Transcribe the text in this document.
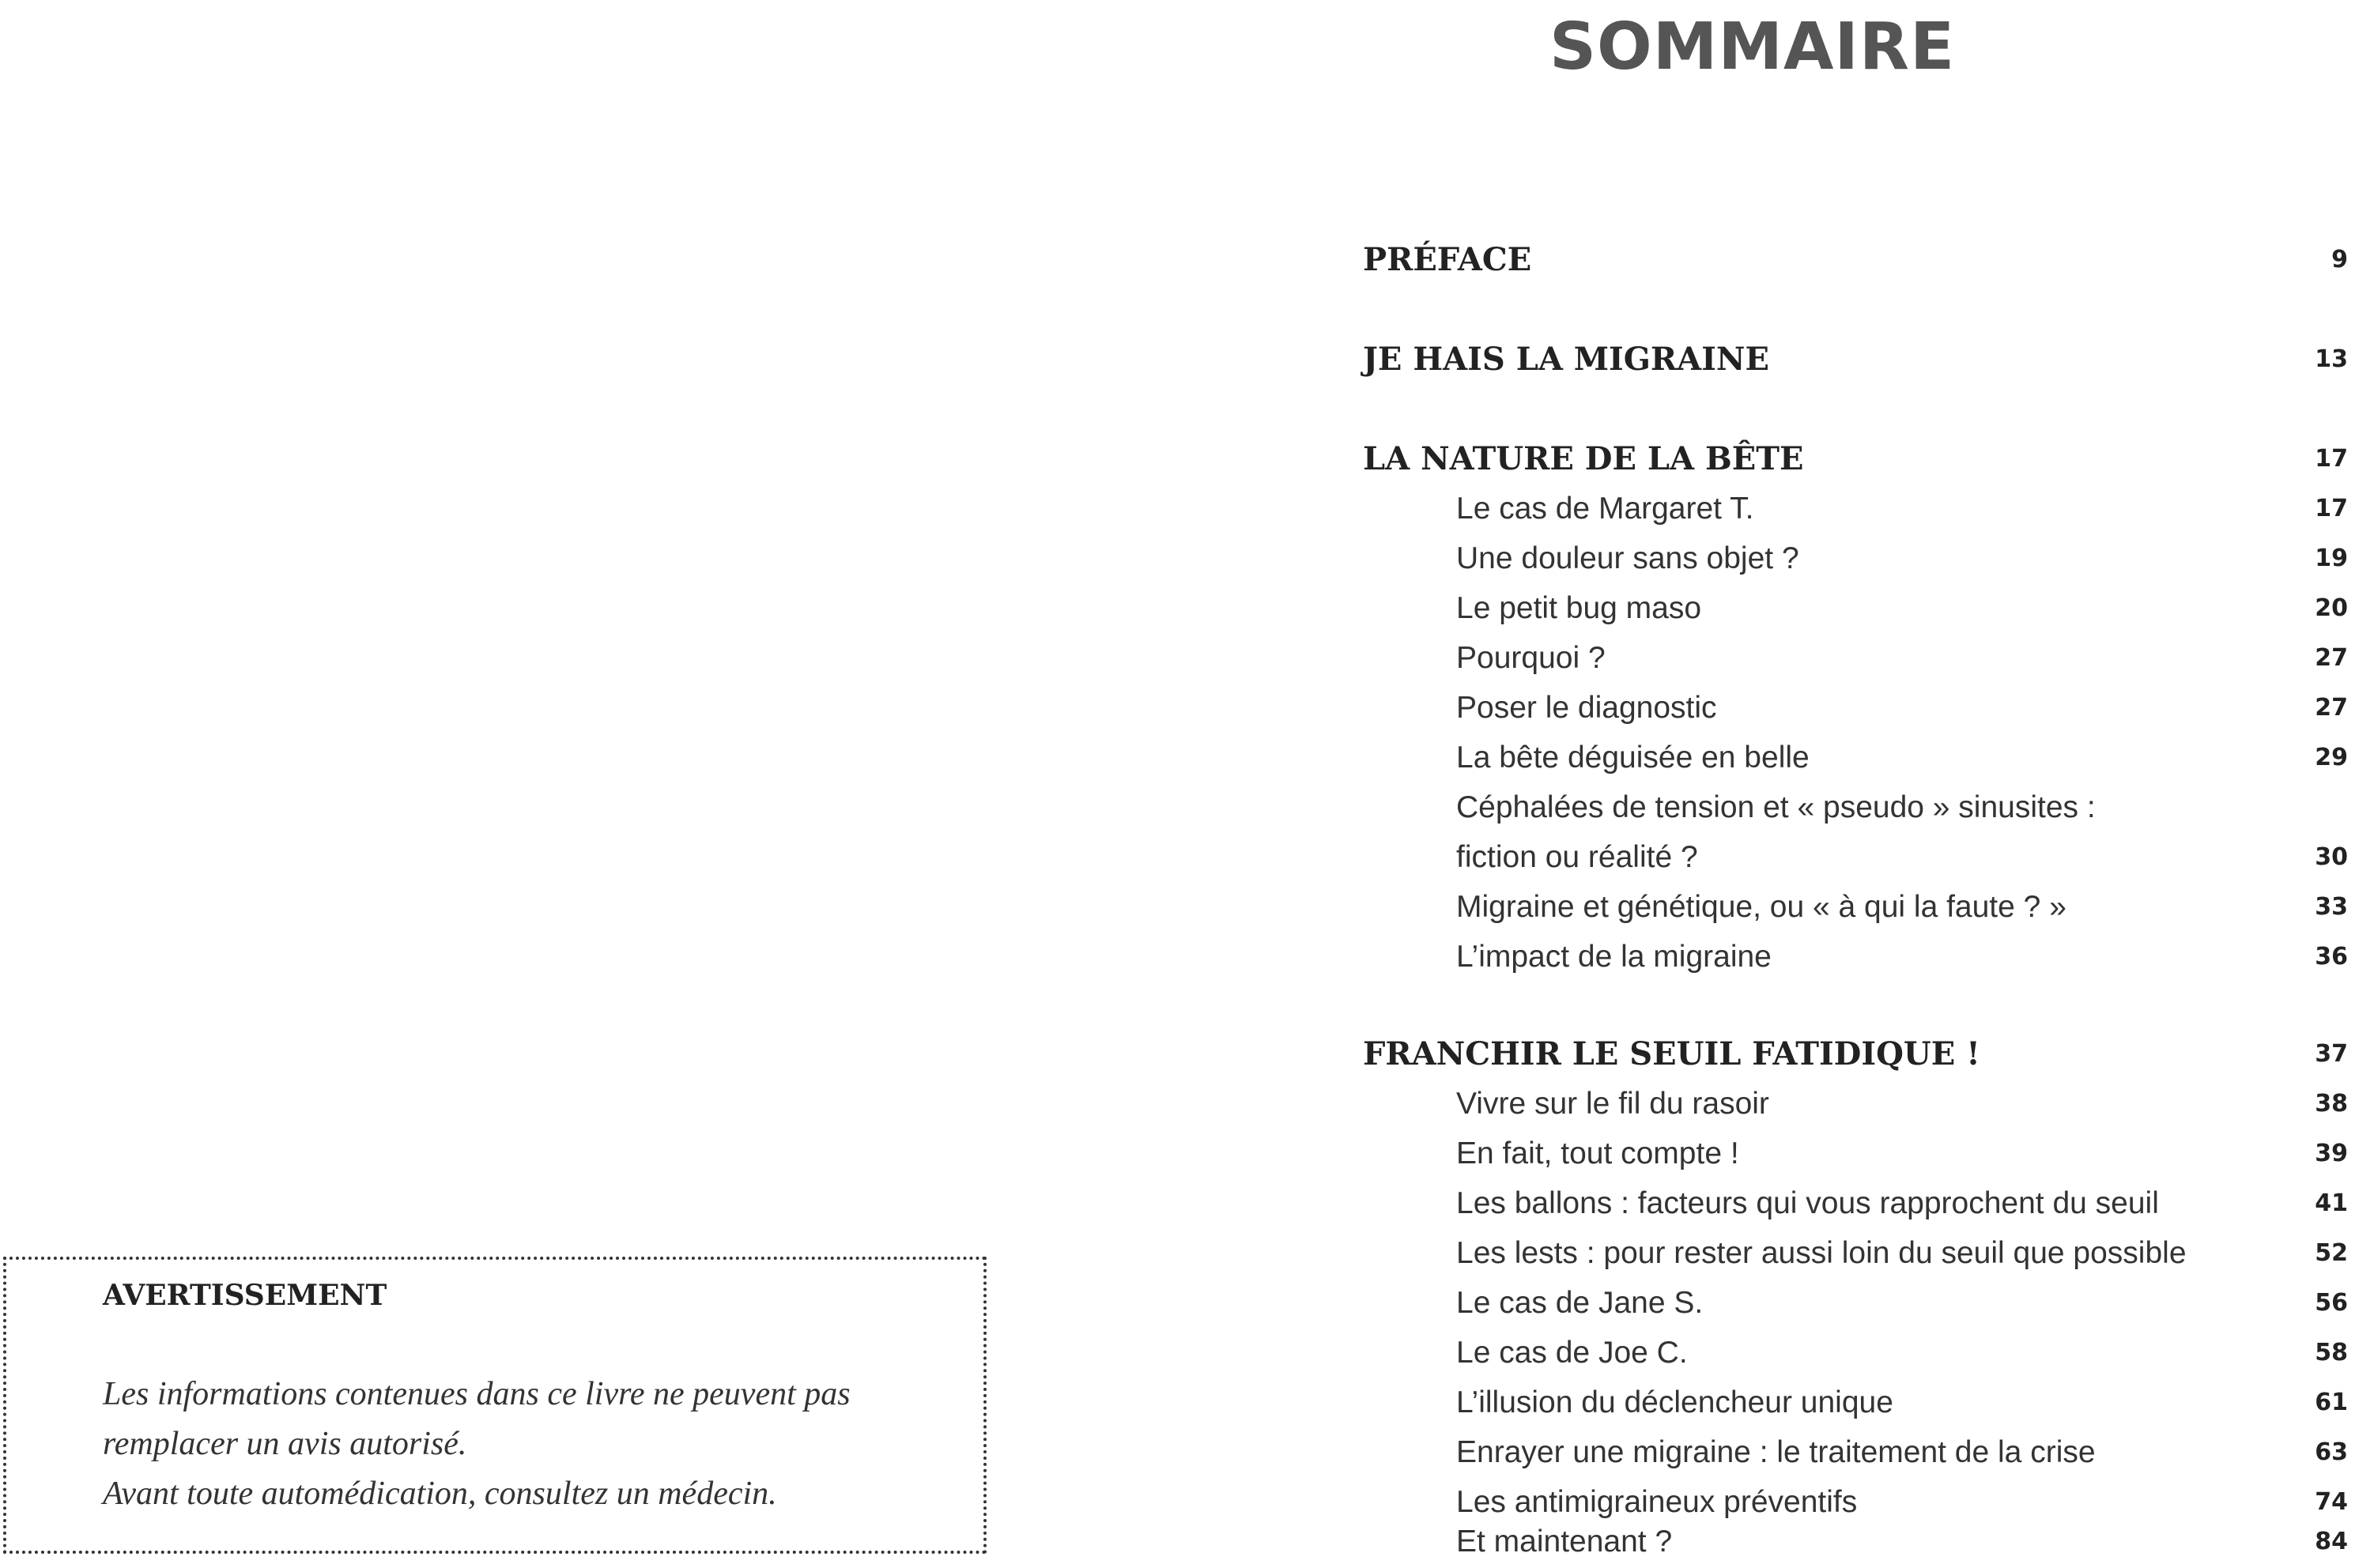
SOMMAIRE
PRÉFACE	9
JE HAIS LA MIGRAINE	13
LA NATURE DE LA BÊTE	17
Le cas de Margaret T.	17
Une douleur sans objet ?	19
Le petit bug maso	20
Pourquoi ?	27
Poser le diagnostic	27
La bête déguisée en belle	29
Céphalées de tension et « pseudo » sinusites :
fiction ou réalité ?	30
Migraine et génétique, ou « à qui la faute ? »	33
L’impact de la migraine	36
FRANCHIR LE SEUIL FATIDIQUE !	37
Vivre sur le fil du rasoir	38
En fait, tout compte !	39
Les ballons : facteurs qui vous rapprochent du seuil	41
Les lests : pour rester aussi loin du seuil que possible	52
Le cas de Jane S.	56
Le cas de Joe C.	58
L’illusion du déclencheur unique	61
Enrayer une migraine : le traitement de la crise	63
Les antimigraineux préventifs	74
Et maintenant ?	84
AVERTISSEMENT
Les informations contenues dans ce livre ne peuvent pas
remplacer un avis autorisé.
Avant toute automédication, consultez un médecin.
